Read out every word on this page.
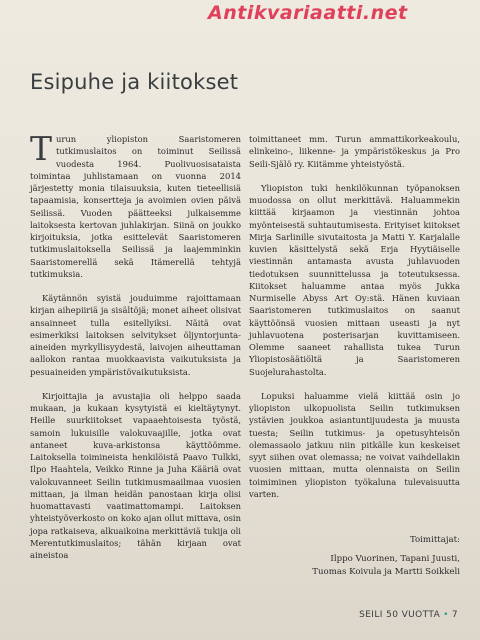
Antikvariaatti.net
Esipuhe ja kiitokset

Turun yliopiston Saaristomeren tutkimuslaitos on toiminut Seilissä vuodesta 1964. Puolivuosisataista toimintaa juhlistamaan on vuonna 2014 järjestetty monia tilaisuuksia, kuten tieteellisiä tapaamisia, konsertteja ja avoimien ovien päivä Seilissä. Vuoden päätteeksi julkaisemme laitoksesta kertovan juhlakirjan. Siinä on joukko kirjoituksia, jotka esittelevät Saaristomeren tutkimuslaitoksella Seilissä ja laajemminkin Saaristomerellä sekä Itämerellä tehtyjä tutkimuksia.

Käytännön syistä jouduimme rajoittamaan kirjan aihepiiriä ja sisältöjä; monet aiheet olisivat ansainneet tulla esitellyiksi. Näitä ovat esimerkiksi laitoksen selvitykset öljyntorjunta-aineiden myrkyllisyydestä, laivojen aiheuttaman aallokon rantaa muokkaavista vaikutuksista ja pesuaineiden ympäristövaikutuksista.

Kirjoittajia ja avustajia oli helppo saada mukaan, ja kukaan kysytyistä ei kieltäytynyt. Heille suurkiitokset vapaaehtoisesta työstä, samoin lukuisille valokuvaajille, jotka ovat antaneet kuva-arkistonsa käyttöömme. Laitoksella toimineista henkilöistä Paavo Tulkki, Ilpo Haahtela, Veikko Rinne ja Juha Kääriä ovat valokuvanneet Seilin tutkimusmaailmaa vuosien mittaan, ja ilman heidän panostaan kirja olisi huomattavasti vaatimattomampi. Laitoksen yhteistyöverkosto on koko ajan ollut mittava, osin jopa ratkaiseva, alkuaikoina merkittäviä tukija oli Merentutkimuslaitos; tähän kirjaan ovat aineistoa

toimittaneet mm. Turun ammattikorkeakoulu, elinkeino-, liikenne- ja ympäristökeskus ja Pro Seili-Själö ry. Kiitämme yhteistyöstä.

Yliopiston tuki henkilökunnan työpanoksen muodossa on ollut merkittävä. Haluammekin kiittää kirjaamon ja viestinnän johtoa myönteisestä suhtautumisesta. Erityiset kiitokset Mirja Sarlinille sivutaitosta ja Matti Y. Karjalalle kuvien käsittelystä sekä Erja Hyytiäiselle viestinnän antamasta avusta juhlavuoden tiedotuksen suunnittelussa ja toteutuksessa. Kiitokset haluamme antaa myös Jukka Nurmiselle Abyss Art Oy:stä. Hänen kuviaan Saaristomeren tutkimuslaitos on saanut käyttöönsä vuosien mittaan useasti ja nyt juhlavuotena posterisarjan kuvittamiseen. Olemme saaneet rahallista tukea Turun Yliopistosäätiöltä ja Saaristomeren Suojelurahastolta.

Lopuksi haluamme vielä kiittää osin jo yliopiston ulkopuolista Seilin tutkimuksen ystävien joukkoa asiantuntijuudesta ja muusta tuesta; Seilin tutkimus- ja opetusyhteisön olemassaolo jatkuu niin pitkälle kun keskeiset syyt siihen ovat olemassa; ne voivat vaihdellakin vuosien mittaan, mutta olennaista on Seilin toimiminen yliopiston työkaluna tulevaisuutta varten.

Toimittajat:
Ilppo Vuorinen, Tapani Juusti,
Tuomas Koivula ja Martti Soikkeli
SEILI 50 VUOTTA • 7
